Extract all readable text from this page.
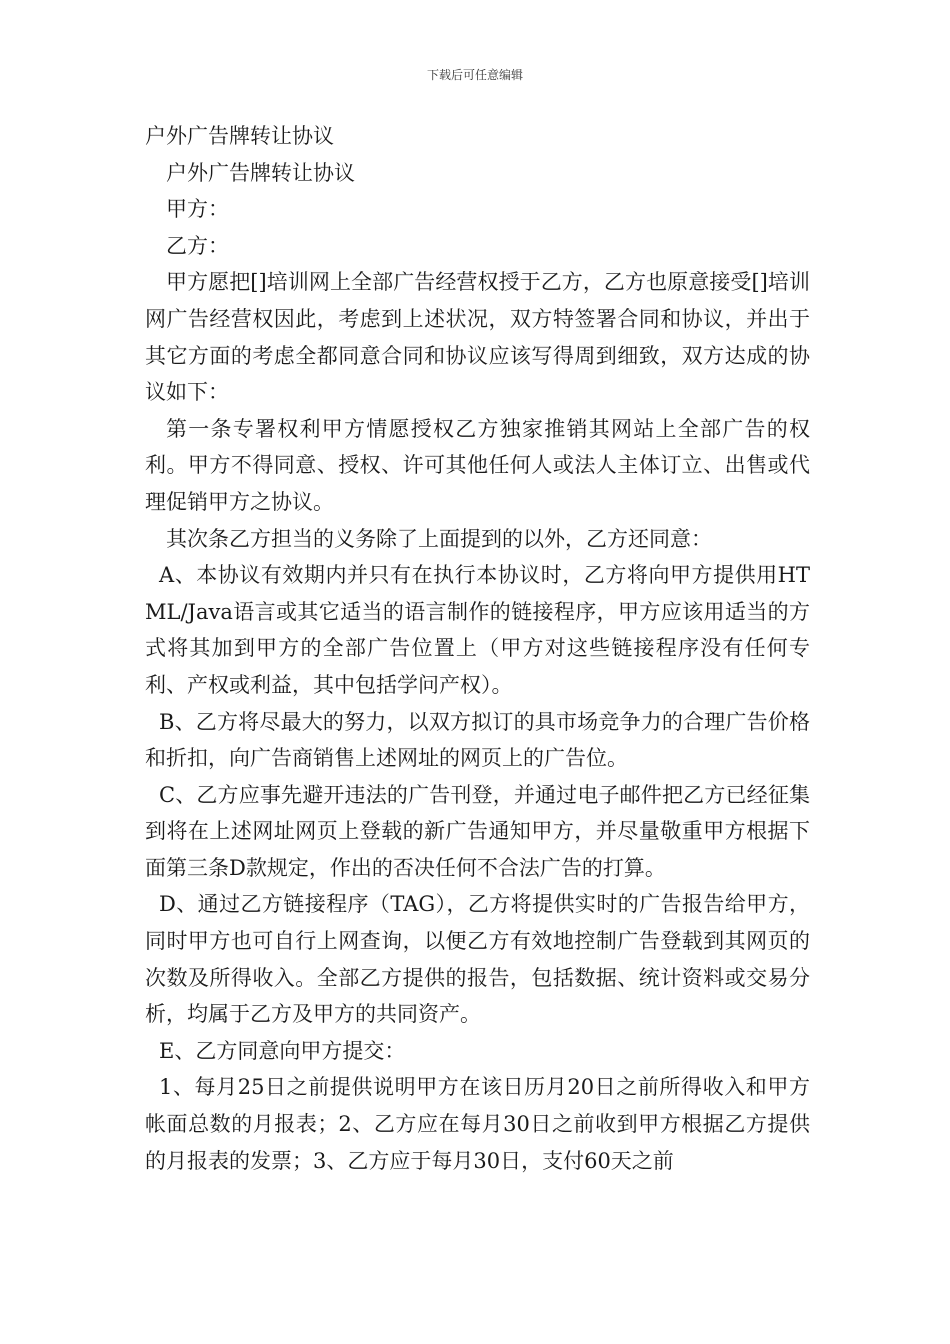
下载后可任意编辑

户外广告牌转让协议

户外广告牌转让协议

甲方：

乙方：

甲方愿把[]培训网上全部广告经营权授于乙方，乙方也原意接受[]培训网广告经营权因此，考虑到上述状况，双方特签署合同和协议，并出于其它方面的考虑全都同意合同和协议应该写得周到细致，双方达成的协议如下：

第一条专署权利甲方情愿授权乙方独家推销其网站上全部广告的权利。甲方不得同意、授权、许可其他任何人或法人主体订立、出售或代理促销甲方之协议。

其次条乙方担当的义务除了上面提到的以外，乙方还同意：

A、本协议有效期内并只有在执行本协议时，乙方将向甲方提供用HTML/Java语言或其它适当的语言制作的链接程序，甲方应该用适当的方式将其加到甲方的全部广告位置上（甲方对这些链接程序没有任何专利、产权或利益，其中包括学问产权）。

B、乙方将尽最大的努力，以双方拟订的具市场竞争力的合理广告价格和折扣，向广告商销售上述网址的网页上的广告位。

C、乙方应事先避开违法的广告刊登，并通过电子邮件把乙方已经征集到将在上述网址网页上登载的新广告通知甲方，并尽量敬重甲方根据下面第三条D款规定，作出的否决任何不合法广告的打算。

D、通过乙方链接程序（TAG），乙方将提供实时的广告报告给甲方，同时甲方也可自行上网查询，以便乙方有效地控制广告登载到其网页的次数及所得收入。全部乙方提供的报告，包括数据、统计资料或交易分析，均属于乙方及甲方的共同资产。

E、乙方同意向甲方提交：

1、每月25日之前提供说明甲方在该日历月20日之前所得收入和甲方帐面总数的月报表；2、乙方应在每月30日之前收到甲方根据乙方提供的月报表的发票；3、乙方应于每月30日，支付60天之前
